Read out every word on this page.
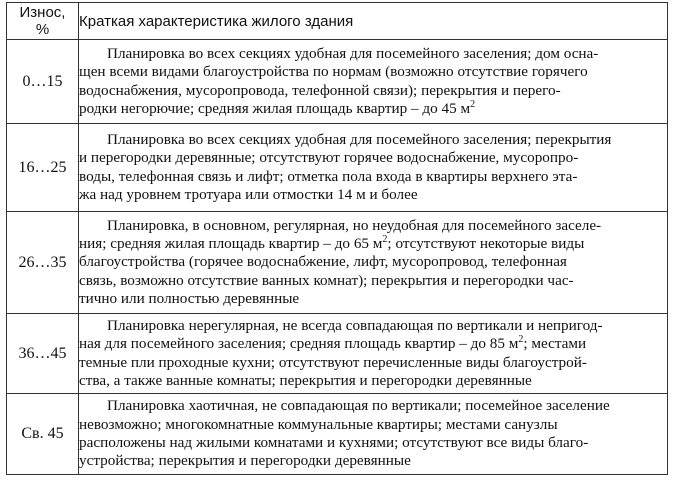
Износ,
%	Краткая характеристика жилого здания
0…15	Планировка во всех секциях удобная для посемейного заселения; дом осна-
щен всеми видами благоустройства по нормам (возможно отсутствие горячего
водоснабжения, мусоропровода, телефонной связи); перекрытия и перего-
родки негорючие; средняя жилая площадь квартир – до 45 $м^2$

16…25	Планировка во всех секциях удобная для посемейного заселения; перекрытия
и перегородки деревянные; отсутствуют горячее водоснабжение, мусоропро-
воды, телефонная связь и лифт; отметка пола входа в квартиры верхнего эта-
жа над уровнем тротуара или отмостки 14 м и более

26…35	Планировка, в основном, регулярная, но неудобная для посемейного заселе-
ния; средняя жилая площадь квартир – до 65 $м^2$; отсутствуют некоторые виды
благоустройства (горячее водоснабжение, лифт, мусоропровод, телефонная
связь, возможно отсутствие ванных комнат); перекрытия и перегородки час-
тично или полностью деревянные

36…45	Планировка нерегулярная, не всегда совпадающая по вертикали и непригод-
ная для посемейного заселения; средняя площадь квартир – до 85 $м^2$; местами
темные пли проходные кухни; отсутствуют перечисленные виды благоустрой-
ства, а также ванные комнаты; перекрытия и перегородки деревянные

Св. 45	Планировка хаотичная, не совпадающая по вертикали; посемейное заселение
невозможно; многокомнатные коммунальные квартиры; местами санузлы
расположены над жилыми комнатами и кухнями; отсутствуют все виды благо-
устройства; перекрытия и перегородки деревянные
